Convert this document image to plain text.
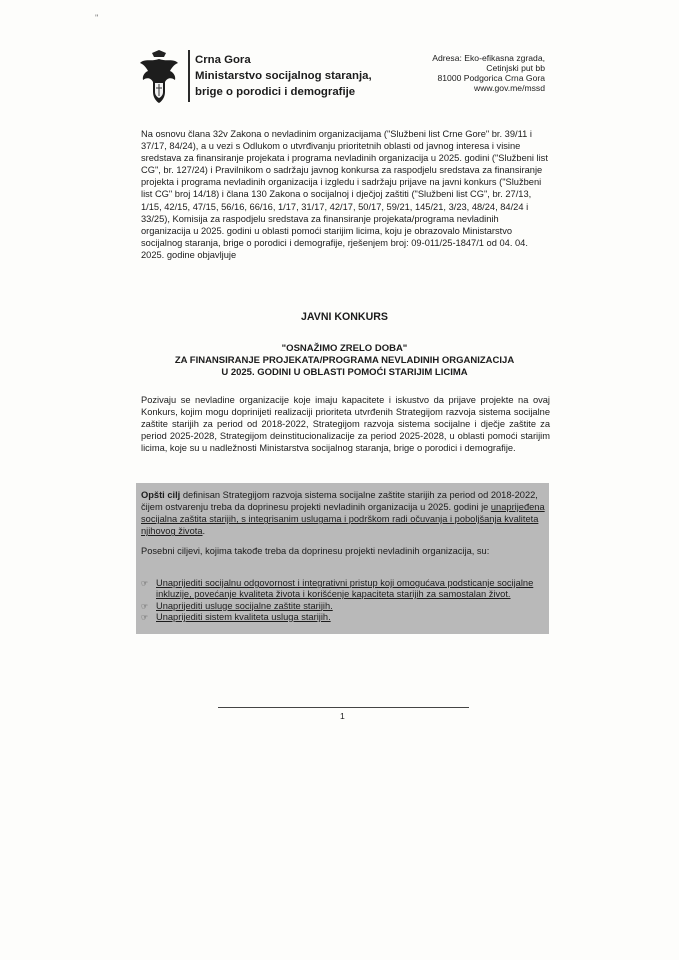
''
Crna Gora
Ministarstvo socijalnog staranja,
brige o porodici i demografije
Adresa: Eko-efikasna zgrada,
Cetinjski put bb
81000 Podgorica Crna Gora
www.gov.me/mssd

Na osnovu člana 32v Zakona o nevladinim organizacijama ("Službeni list Crne Gore" br. 39/11 i 37/17, 84/24), a u vezi s Odlukom o utvrđivanju prioritetnih oblasti od javnog interesa i visine sredstava za finansiranje projekata i programa nevladinih organizacija u 2025. godini ("Službeni list CG", br. 127/24) i Pravilnikom o sadržaju javnog konkursa za raspodjelu sredstava za finansiranje projekta i programa nevladinih organizacija i izgledu i sadržaju prijave na javni konkurs ("Službeni list CG" broj 14/18) i člana 130 Zakona o socijalnoj i dječjoj zaštiti ("Službeni list CG", br. 27/13, 1/15, 42/15, 47/15, 56/16, 66/16, 1/17, 31/17, 42/17, 50/17, 59/21, 145/21, 3/23, 48/24, 84/24 i 33/25), Komisija za raspodjelu sredstava za finansiranje projekata/programa nevladinih organizacija u 2025. godini u oblasti pomoći starijim licima, koju je obrazovalo Ministarstvo socijalnog staranja, brige o porodici i demografije, rješenjem broj: 09-011/25-1847/1 od 04. 04. 2025. godine objavljuje

JAVNI KONKURS

"OSNAŽIMO ZRELO DOBA"
ZA FINANSIRANJE PROJEKATA/PROGRAMA NEVLADINIH ORGANIZACIJA
U 2025. GODINI U OBLASTI POMOĆI STARIJIM LICIMA

Pozivaju se nevladine organizacije koje imaju kapacitete i iskustvo da prijave projekte na ovaj Konkurs, kojim mogu doprinijeti realizaciji prioriteta utvrđenih Strategijom razvoja sistema socijalne zaštite starijih za period od 2018-2022, Strategijom razvoja sistema socijalne i dječje zaštite za period 2025-2028, Strategijom deinstitucionalizacije za period 2025-2028, u oblasti pomoći starijim licima, koje su u nadležnosti Ministarstva socijalnog staranja, brige o porodici i demografije.

Opšti cilj definisan Strategijom razvoja sistema socijalne zaštite starijih za period od 2018-2022, čijem ostvarenju treba da doprinesu projekti nevladinih organizacija u 2025. godini je unaprijeđena socijalna zaštita starijih, s integrisanim uslugama i podrškom radi očuvanja i poboljšanja kvaliteta njihovog života.

Posebni ciljevi, kojima takođe treba da doprinesu projekti nevladinih organizacija, su:

☞ Unaprijediti socijalnu odgovornost i integrativni pristup koji omogućava podsticanje socijalne inkluzije, povećanje kvaliteta života i korišćenje kapaciteta starijih za samostalan život.
☞ Unaprijediti usluge socijalne zaštite starijih.
☞ Unaprijediti sistem kvaliteta usluga starijih.
1
